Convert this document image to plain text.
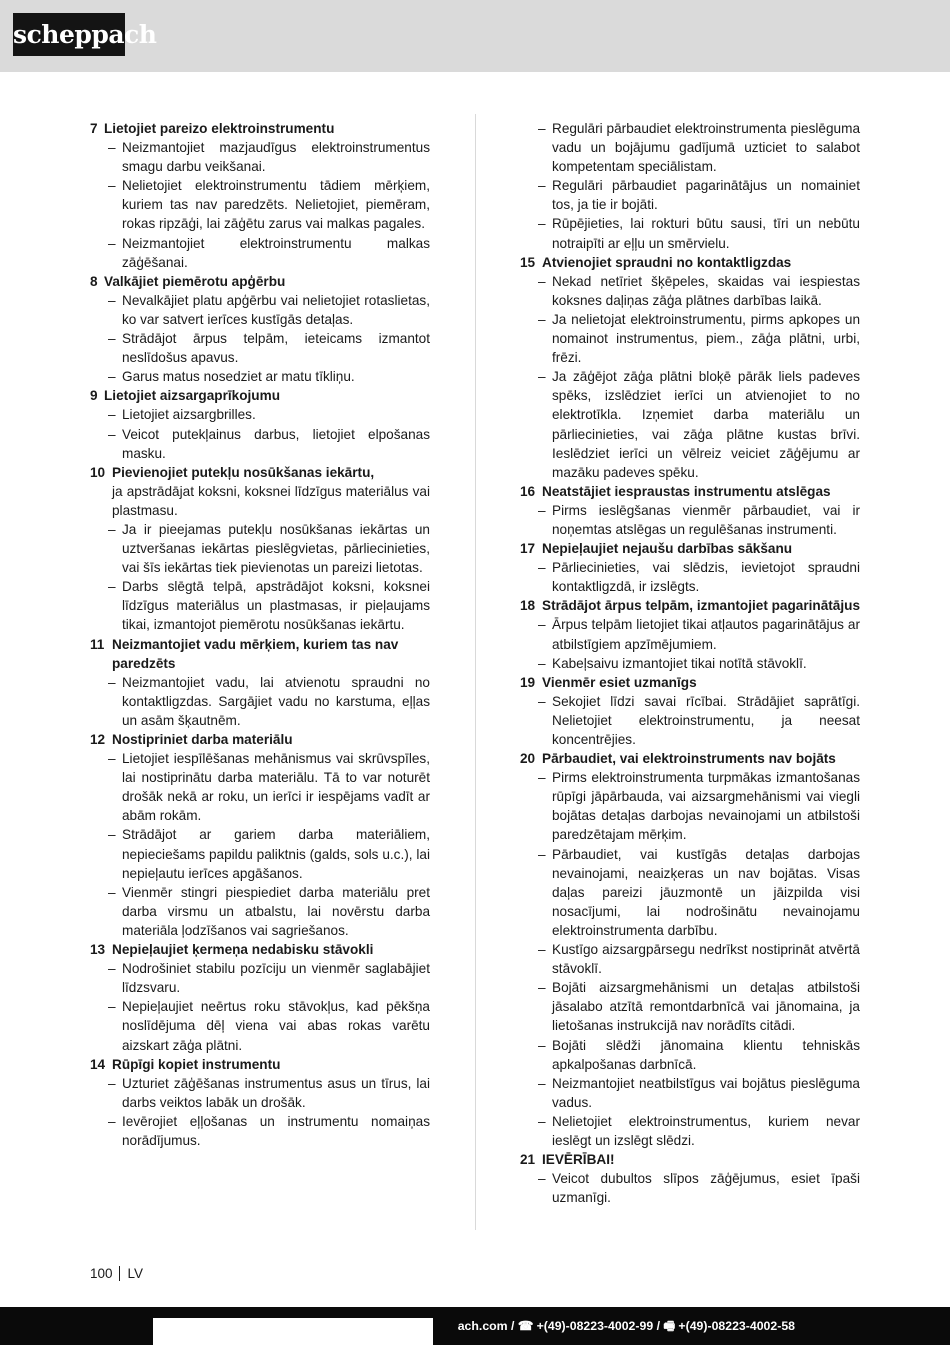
scheppach
7 Lietojiet pareizo elektroinstrumentu
– Neizmantojiet mazjaudīgus elektroinstrumentus smagu darbu veikšanai.
– Nelietojiet elektroinstrumentu tādiem mērķiem, kuriem tas nav paredzēts. Nelietojiet, piemēram, rokas ripzāģi, lai zāģētu zarus vai malkas pagales.
– Neizmantojiet elektroinstrumentu malkas zāģēšanai.
8 Valkājiet piemērotu apģērbu
– Nevalkājiet platu apģērbu vai nelietojiet rotaslietas, ko var satvert ierīces kustīgās detaļas.
– Strādājot ārpus telpām, ieteicams izmantot neslīdošus apavus.
– Garus matus nosedziet ar matu tīkliņu.
9 Lietojiet aizsargaprīkojumu
– Lietojiet aizsargbrilles.
– Veicot putekļainus darbus, lietojiet elpošanas masku.
10 Pievienojiet putekļu nosūkšanas iekārtu,
ja apstrādājat koksni, koksnei līdzīgus materiālus vai plastmasu.
– Ja ir pieejamas putekļu nosūkšanas iekārtas un uztveršanas iekārtas pieslēgvietas, pārliecinieties, vai šīs iekārtas tiek pievienotas un pareizi lietotas.
– Darbs slēgtā telpā, apstrādājot koksni, koksnei līdzīgus materiālus un plastmasas, ir pieļaujams tikai, izmantojot piemērotu nosūkšanas iekārtu.
11 Neizmantojiet vadu mērķiem, kuriem tas nav paredzēts
– Neizmantojiet vadu, lai atvienotu spraudni no kontaktligzdas. Sargājiet vadu no karstuma, eļļas un asām šķautnēm.
12 Nostipriniet darba materiālu
– Lietojiet iespīlēšanas mehānismus vai skrūvspīles, lai nostiprinātu darba materiālu. Tā to var noturēt drošāk nekā ar roku, un ierīci ir iespējams vadīt ar abām rokām.
– Strādājot ar gariem darba materiāliem, nepieciešams papildu paliktnis (galds, sols u.c.), lai nepieļautu ierīces apgāšanos.
– Vienmēr stingri piespiediet darba materiālu pret darba virsmu un atbalstu, lai novērstu darba materiāla ļodzīšanos vai sagriešanos.
13 Nepieļaujiet ķermeņa nedabisku stāvokli
– Nodrošiniet stabilu pozīciju un vienmēr saglabājiet līdzsvaru.
– Nepieļaujiet neērtus roku stāvokļus, kad pēkšņa noslīdējuma dēļ viena vai abas rokas varētu aizskart zāģa plātni.
14 Rūpīgi kopiet instrumentu
– Uzturiet zāģēšanas instrumentus asus un tīrus, lai darbs veiktos labāk un drošāk.
– Ievērojiet eļļošanas un instrumentu nomaiņas norādījumus.
– Regulāri pārbaudiet elektroinstrumenta pieslēguma vadu un bojājumu gadījumā uzticiet to salabot kompetentam speciālistam.
– Regulāri pārbaudiet pagarinātājus un nomainiet tos, ja tie ir bojāti.
– Rūpējieties, lai rokturi būtu sausi, tīri un nebūtu notraipīti ar eļļu un smērvielu.
15 Atvienojiet spraudni no kontaktligzdas
– Nekad netīriet šķēpeles, skaidas vai iespiestas koksnes daļiņas zāģa plātnes darbības laikā.
– Ja nelietojat elektroinstrumentu, pirms apkopes un nomainot instrumentus, piem., zāģa plātni, urbi, frēzi.
– Ja zāģējot zāģa plātni bloķē pārāk liels padeves spēks, izslēdziet ierīci un atvienojiet to no elektrotīkla. Izņemiet darba materiālu un pārliecinieties, vai zāģa plātne kustas brīvi. Ieslēdziet ierīci un vēlreiz veiciet zāģējumu ar mazāku padeves spēku.
16 Neatstājiet iespraustas instrumentu atslēgas
– Pirms ieslēgšanas vienmēr pārbaudiet, vai ir noņemtas atslēgas un regulēšanas instrumenti.
17 Nepieļaujiet nejaušu darbības sākšanu
– Pārliecinieties, vai slēdzis, ievietojot spraudni kontaktligzdā, ir izslēgts.
18 Strādājot ārpus telpām, izmantojiet pagarinātājus
– Ārpus telpām lietojiet tikai atļautos pagarinātājus ar atbilstīgiem apzīmējumiem.
– Kabeļsaivu izmantojiet tikai notītā stāvoklī.
19 Vienmēr esiet uzmanīgs
– Sekojiet līdzi savai rīcībai. Strādājiet saprātīgi. Nelietojiet elektroinstrumentu, ja neesat koncentrējies.
20 Pārbaudiet, vai elektroinstruments nav bojāts
– Pirms elektroinstrumenta turpmākas izmantošanas rūpīgi jāpārbauda, vai aizsargmehānismi vai viegli bojātas detaļas darbojas nevainojami un atbilstoši paredzētajam mērķim.
– Pārbaudiet, vai kustīgās detaļas darbojas nevainojami, neaizķeras un nav bojātas. Visas daļas pareizi jāuzmontē un jāizpilda visi nosacījumi, lai nodrošinātu nevainojamu elektroinstrumenta darbību.
– Kustīgo aizsargpārsegu nedrīkst nostiprināt atvērtā stāvoklī.
– Bojāti aizsargmehānismi un detaļas atbilstoši jāsalabo atzītā remontdarbnīcā vai jānomaina, ja lietošanas instrukcijā nav norādīts citādi.
– Bojāti slēdži jānomaina klientu tehniskās apkalpošanas darbnīcā.
– Neizmantojiet neatbilstīgus vai bojātus pieslēguma vadus.
– Nelietojiet elektroinstrumentus, kuriem nevar ieslēgt un izslēgt slēdzi.
21 IEVĒRĪBAI!
– Veicot dubultos slīpos zāģējumus, esiet īpaši uzmanīgi.
100 LV
ach.com / ☎ +(49)-08223-4002-99 / 🖷 +(49)-08223-4002-58
